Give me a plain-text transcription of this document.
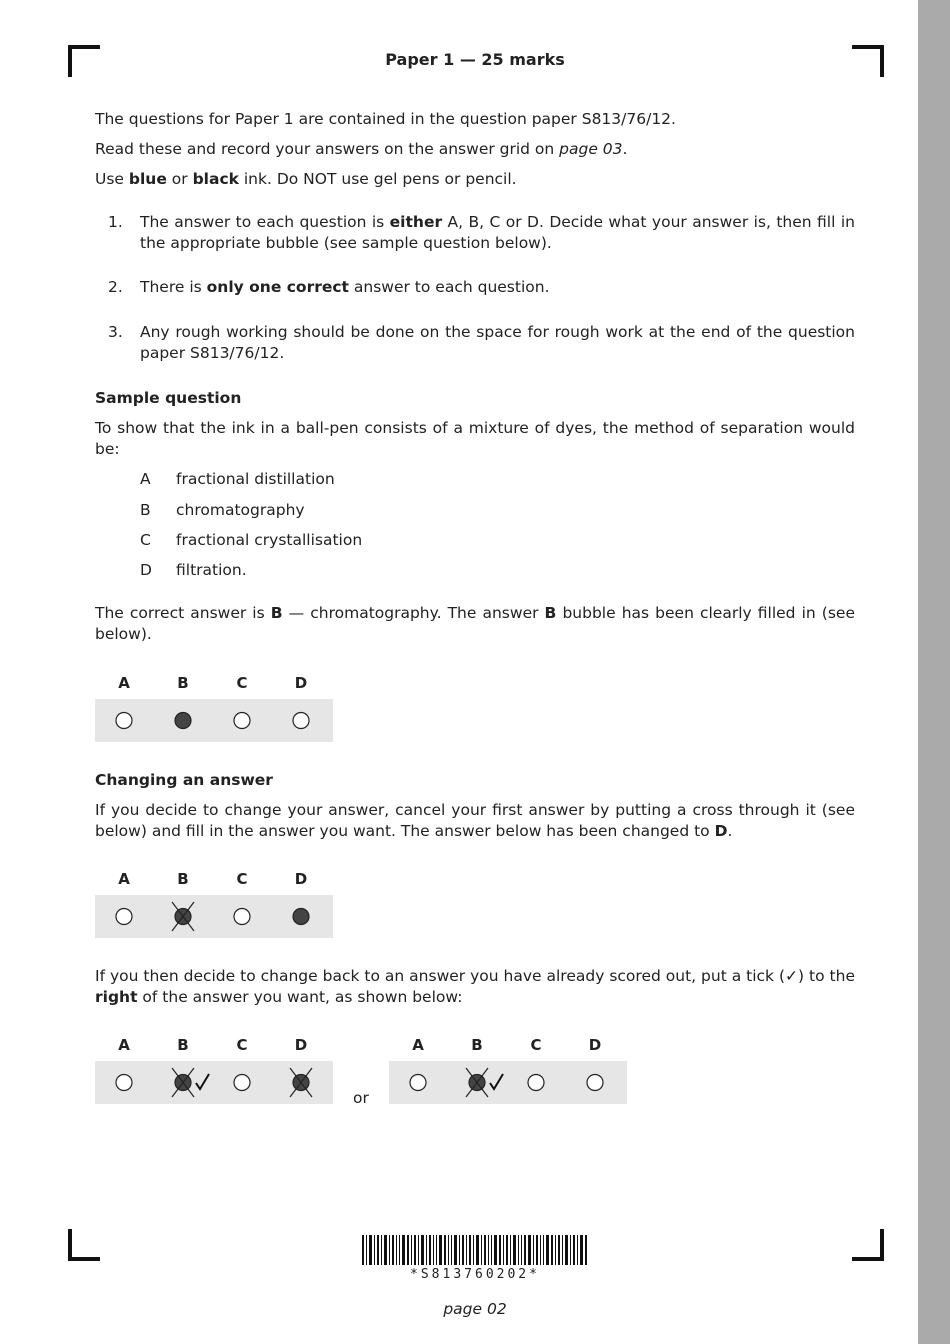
Paper 1 — 25 marks
The questions for Paper 1 are contained in the question paper S813/76/12.
Read these and record your answers on the answer grid on page 03.
Use blue or black ink. Do NOT use gel pens or pencil.
1. The answer to each question is either A, B, C or D. Decide what your answer is, then fill in the appropriate bubble (see sample question below).
2. There is only one correct answer to each question.
3. Any rough working should be done on the space for rough work at the end of the question paper S813/76/12.
Sample question
To show that the ink in a ball-pen consists of a mixture of dyes, the method of separation would be:
A fractional distillation
B chromatography
C fractional crystallisation
D filtration.
The correct answer is B — chromatography. The answer B bubble has been clearly filled in (see below).
A	B	C	D
Changing an answer
If you decide to change your answer, cancel your first answer by putting a cross through it (see below) and fill in the answer you want. The answer below has been changed to D.
A	B	C	D
If you then decide to change back to an answer you have already scored out, put a tick (✓) to the right of the answer you want, as shown below:
A	B	C	D
or
A	B	C	D
*S813760202*
page 02
